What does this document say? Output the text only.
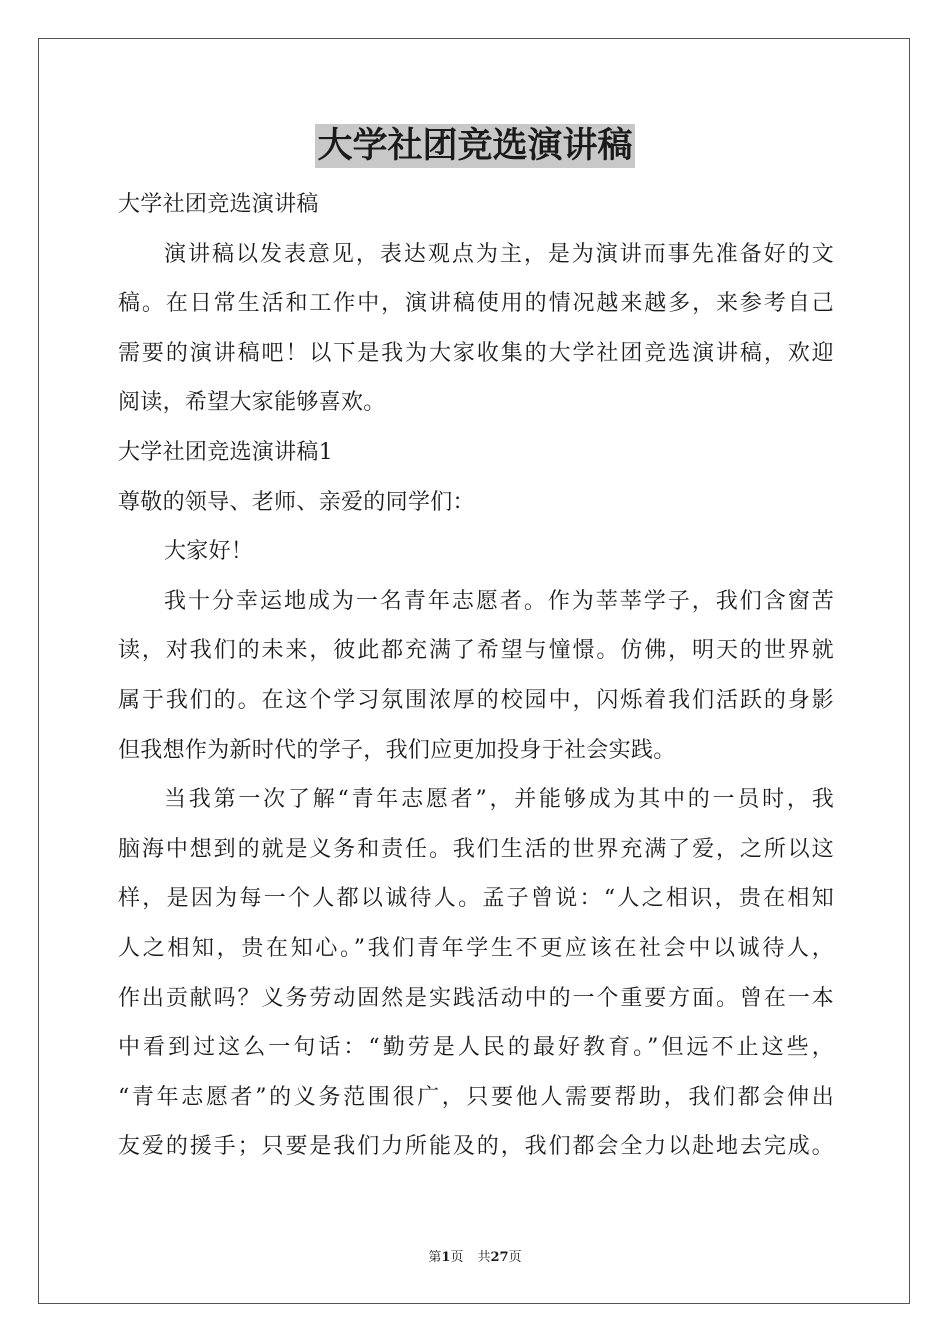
大学社团竞选演讲稿
大学社团竞选演讲稿
演讲稿以发表意见，表达观点为主，是为演讲而事先准备好的文
稿。在日常生活和工作中，演讲稿使用的情况越来越多，来参考自己
需要的演讲稿吧！以下是我为大家收集的大学社团竞选演讲稿，欢迎
阅读，希望大家能够喜欢。
大学社团竞选演讲稿1
尊敬的领导、老师、亲爱的同学们：
大家好！
我十分幸运地成为一名青年志愿者。作为莘莘学子，我们含窗苦
读，对我们的未来，彼此都充满了希望与憧憬。仿佛，明天的世界就
属于我们的。在这个学习氛围浓厚的校园中，闪烁着我们活跃的身影
但我想作为新时代的学子，我们应更加投身于社会实践。
当我第一次了解“青年志愿者”，并能够成为其中的一员时，我
脑海中想到的就是义务和责任。我们生活的世界充满了爱，之所以这
样，是因为每一个人都以诚待人。孟子曾说：“人之相识，贵在相知
人之相知，贵在知心。”我们青年学生不更应该在社会中以诚待人，
作出贡献吗？义务劳动固然是实践活动中的一个重要方面。曾在一本
中看到过这么一句话：“勤劳是人民的最好教育。”但远不止这些，
“青年志愿者”的义务范围很广，只要他人需要帮助，我们都会伸出
友爱的援手；只要是我们力所能及的，我们都会全力以赴地去完成。
第1页 共27页
